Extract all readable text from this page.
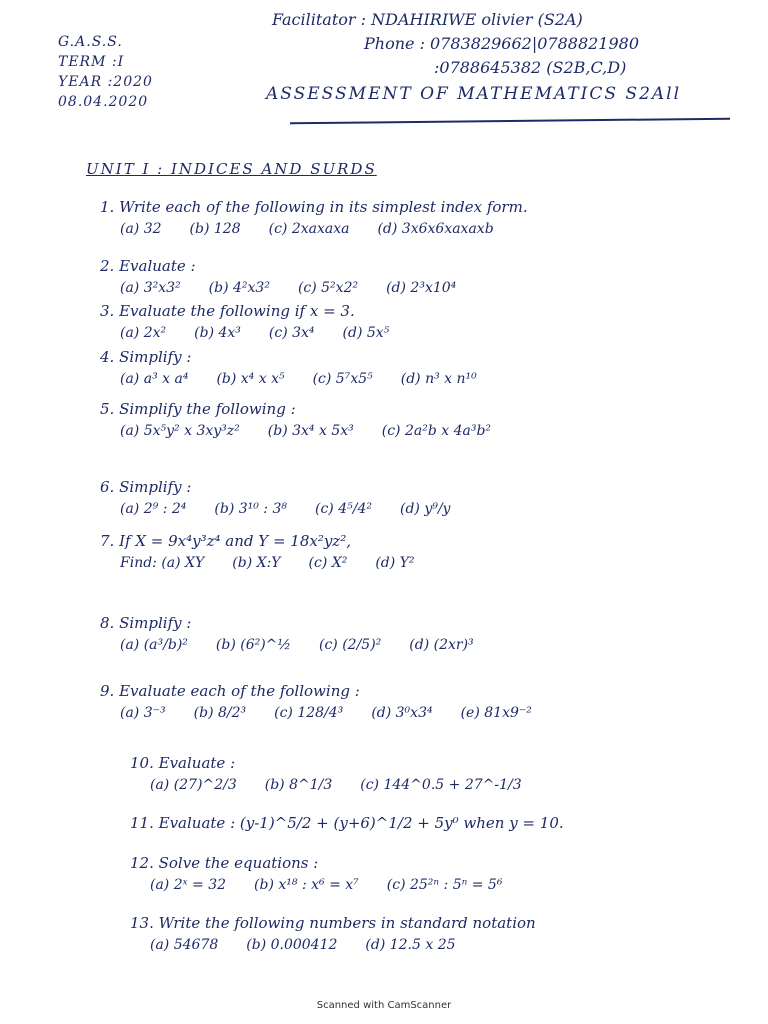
G.A.S.S.
TERM :I
YEAR :2020
08.04.2020
Facilitator : NDAHIRIWE olivier (S2A)
Phone : 0783829662|0788821980
:0788645382 (S2B,C,D)
ASSESSMENT OF MATHEMATICS S2All
UNIT I : INDICES AND SURDS
1. Write each of the following in its simplest index form.
(a) 32 (b) 128 (c) 2xaxaxa (d) 3x6x6xaxaxb
2. Evaluate :
(a) 3²x3² (b) 4²x3² (c) 5²x2² (d) 2³x10⁴
3. Evaluate the following if x = 3.
(a) 2x² (b) 4x³ (c) 3x⁴ (d) 5x⁵
4. Simplify :
(a) a³ x a⁴ (b) x⁴ x x⁵ (c) 5⁷x5⁵ (d) n³ x n¹⁰
5. Simplify the following :
(a) 5x⁵y² x 3xy³z² (b) 3x⁴ x 5x³ (c) 2a²b x 4a³b²
6. Simplify :
(a) 2⁹ : 2⁴ (b) 3¹⁰ : 3⁸ (c) 4⁵/4² (d) y⁹/y
7. If X = 9x⁴y³z⁴ and Y = 18x²yz²,
Find: (a) XY (b) X:Y (c) X² (d) Y²
8. Simplify :
(a) (a³/b)² (b) (6²)^½ (c) (2/5)² (d) (2xr)³
9. Evaluate each of the following :
(a) 3⁻³ (b) 8/2³ (c) 128/4³ (d) 3⁰x3⁴ (e) 81x9⁻²
10. Evaluate :
(a) (27)^2/3 (b) 8^1/3 (c) 144^0.5 + 27^-1/3
11. Evaluate : (y-1)^5/2 + (y+6)^1/2 + 5y⁰ when y = 10.
12. Solve the equations :
(a) 2ˣ = 32 (b) x¹⁸ : x⁶ = x⁷ (c) 25²ⁿ : 5ⁿ = 5⁶
13. Write the following numbers in standard notation
(a) 54678 (b) 0.000412 (d) 12.5 x 25
Scanned with CamScanner
